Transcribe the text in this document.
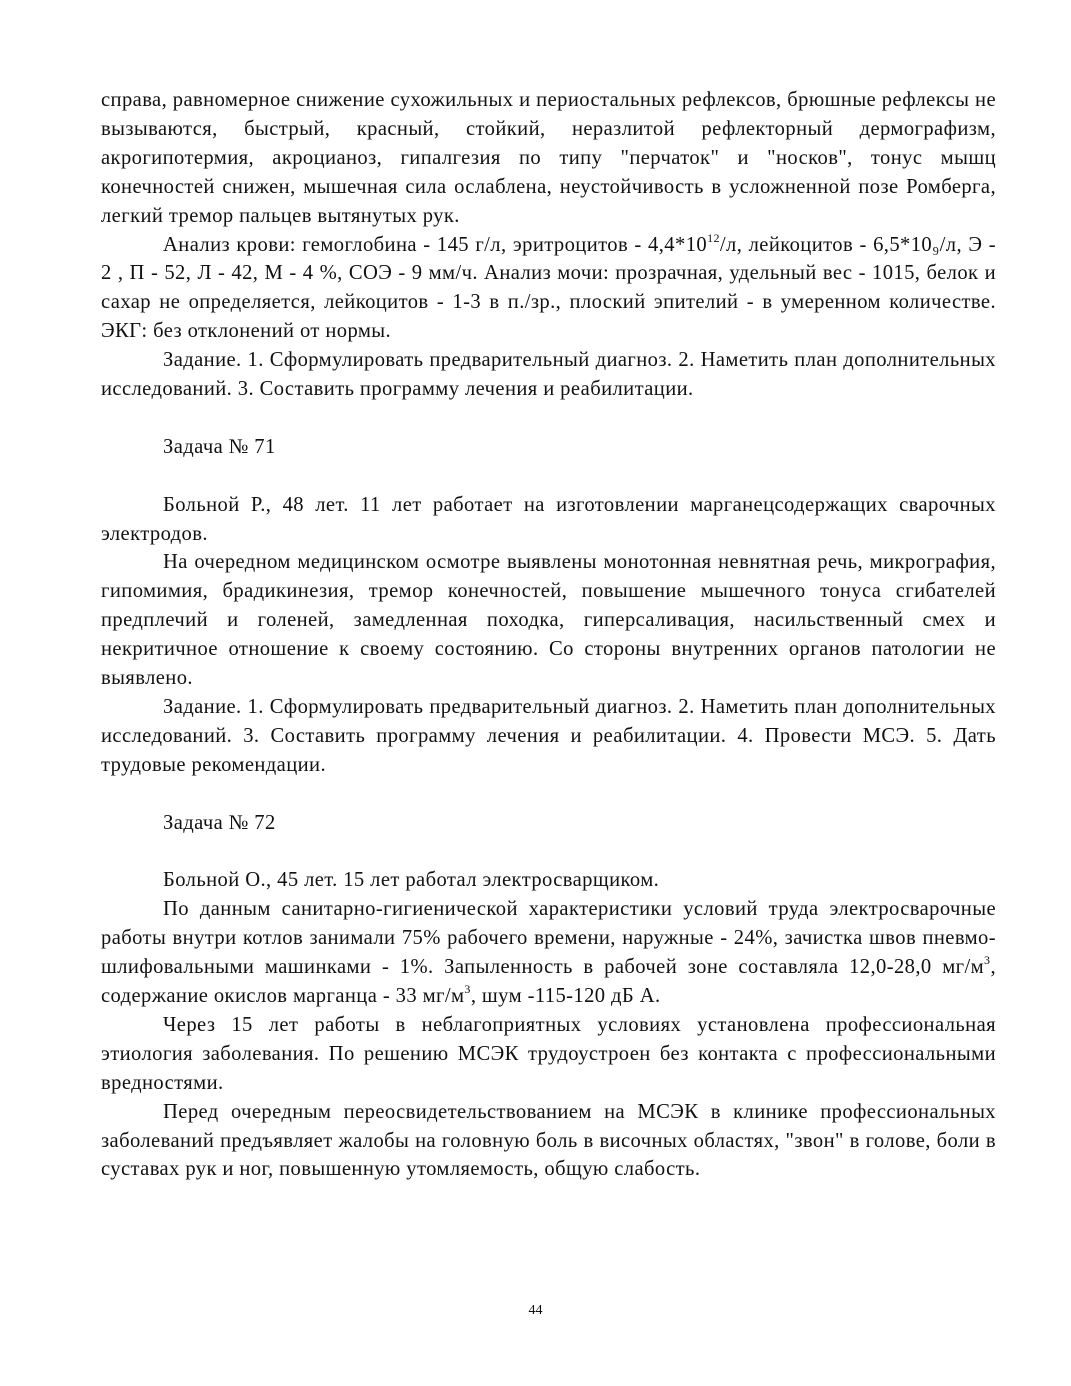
справа, равномерное снижение сухожильных и периостальных рефлексов, брюшные рефлексы не вызываются, быстрый, красный, стойкий, неразлитой рефлекторный дермографизм, акрогипотермия, акроцианоз, гипалгезия по типу "перчаток" и "носков", тонус мышц конечностей снижен, мышечная сила ослаблена, неустойчивость в усложненной позе Ромберга, легкий тремор пальцев вытянутых рук.

Анализ крови: гемоглобина - 145 г/л, эритроцитов - $4,4*10^{12}/л$, лейкоцитов - 6,5*10₉/л, Э - 2 , П - 52, Л - 42, М - 4 %, СОЭ - 9 мм/ч. Анализ мочи: прозрачная, удельный вес - 1015, белок и сахар не определяется, лейкоцитов - 1-3 в п./зр., плоский эпителий - в умеренном количестве. ЭКГ: без отклонений от нормы.

Задание. 1. Сформулировать предварительный диагноз. 2. Наметить план дополнительных исследований. 3. Составить программу лечения и реабилитации.

Задача № 71

Больной Р., 48 лет. 11 лет работает на изготовлении марганецсодержащих сварочных электродов.

На очередном медицинском осмотре выявлены монотонная невнятная речь, микрография, гипомимия, брадикинезия, тремор конечностей, повышение мышечного тонуса сгибателей предплечий и голеней, замедленная походка, гиперсаливация, насильственный смех и некритичное отношение к своему состоянию. Со стороны внутренних органов патологии не выявлено.

Задание. 1. Сформулировать предварительный диагноз. 2. Наметить план дополнительных исследований. 3. Составить программу лечения и реабилитации. 4. Провести МСЭ. 5. Дать трудовые рекомендации.

Задача № 72

Больной О., 45 лет. 15 лет работал электросварщиком.

По данным санитарно-гигиенической характеристики условий труда электросварочные работы внутри котлов занимали 75% рабочего времени, наружные - 24%, зачистка швов пневмо-шлифовальными машинками - 1%. Запыленность в рабочей зоне составляла 12,0-28,0 $мг/м^3$, содержание окислов марганца - 33 $мг/м^3$, шум -115-120 дБ А.

Через 15 лет работы в неблагоприятных условиях установлена профессиональная этиология заболевания. По решению МСЭК трудоустроен без контакта с профессиональными вредностями.

Перед очередным переосвидетельствованием на МСЭК в клинике профессиональных заболеваний предъявляет жалобы на головную боль в височных областях, "звон" в голове, боли в суставах рук и ног, повышенную утомляемость, общую слабость.

44
